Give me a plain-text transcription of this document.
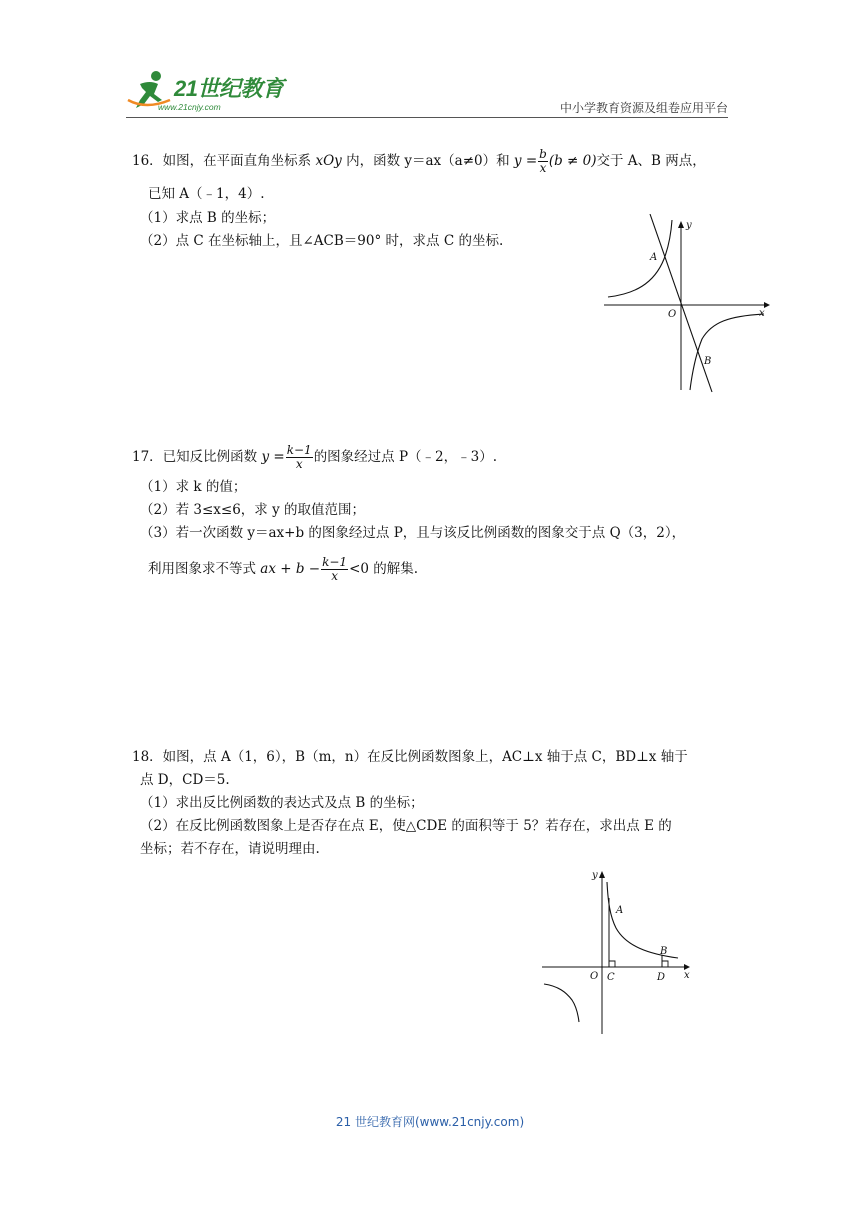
21世纪教育
www.21cnjy.com	中小学教育资源及组卷应用平台
16．如图，在平面直角坐标系 xOy 内，函数 y＝ax（a≠0）和 $y = \frac{b}{x} (b \ne 0)$交于 A、B 两点，
已知 A（﹣1，4）.
（1）求点 B 的坐标；
（2）点 C 在坐标轴上，且∠ACB＝90° 时，求点 C 的坐标.
y
x
O
A
B
17．已知反比例函数 $y = \frac{k-1}{x}$ 的图象经过点 P（﹣2，﹣3）.
（1）求 k 的值；
（2）若 3≤x≤6，求 y 的取值范围；
（3）若一次函数 y＝ax+b 的图象经过点 P，且与该反比例函数的图象交于点 Q（3，2），
利用图象求不等式 ax + $b - \frac{k-1}{x} <0$ 的解集.
18．如图，点 A（1，6），B（m，n）在反比例函数图象上，AC⊥x 轴于点 C，BD⊥x 轴于
点 D，CD＝5.
（1）求出反比例函数的表达式及点 B 的坐标；
（2）在反比例函数图象上是否存在点 E，使△CDE 的面积等于 5？若存在，求出点 E 的
坐标；若不存在，请说明理由.
y
x
O
A
B
C	D
21 世纪教育网(www.21cnjy.com)
